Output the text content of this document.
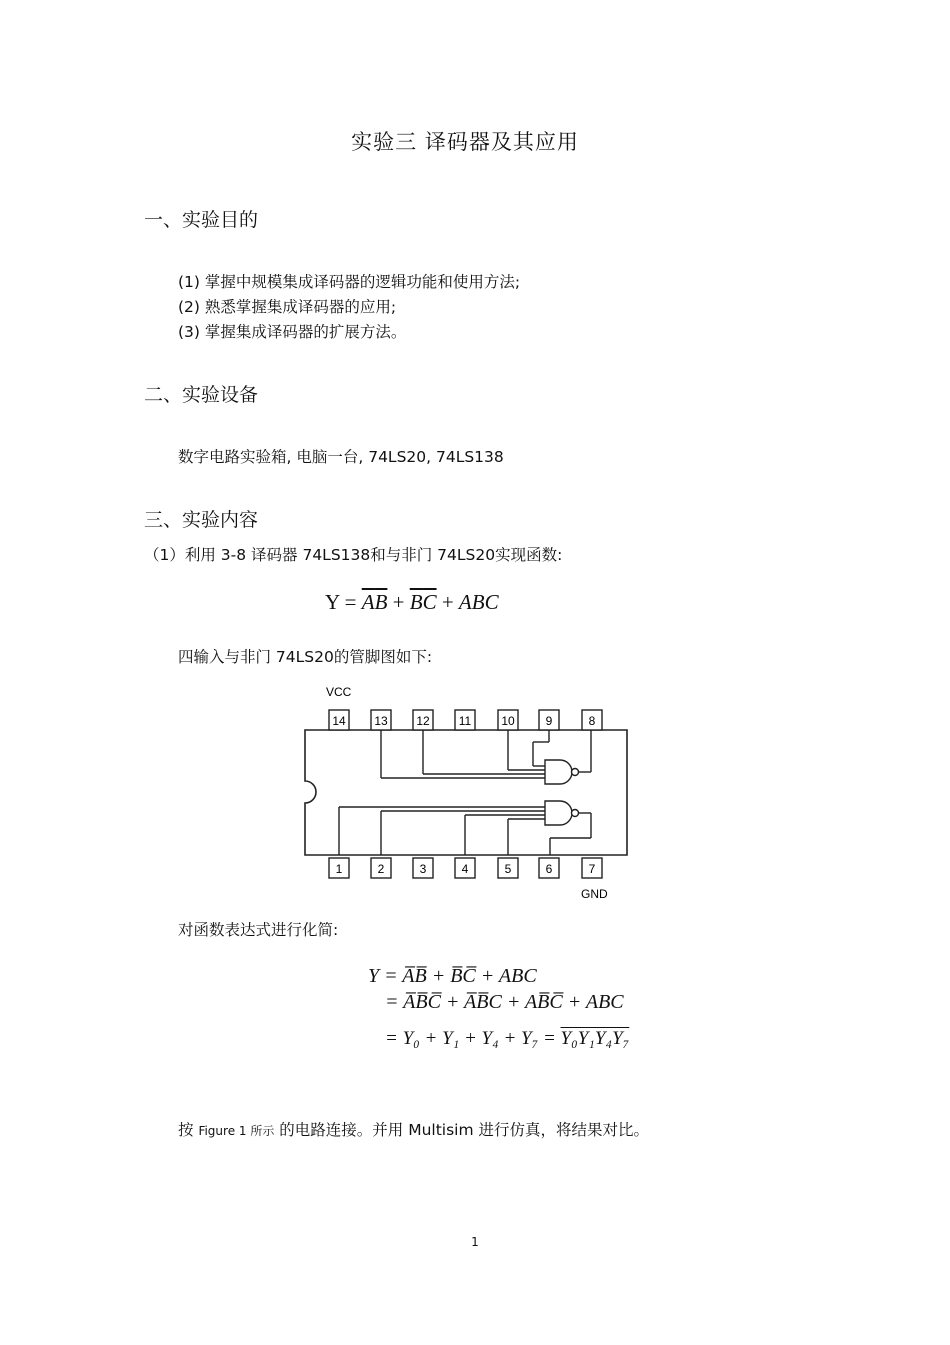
实验三 译码器及其应用
一、实验目的
(1) 掌握中规模集成译码器的逻辑功能和使用方法;
(2) 熟悉掌握集成译码器的应用;
(3) 掌握集成译码器的扩展方法。
二、实验设备
数字电路实验箱, 电脑一台, 74LS20, 74LS138
三、实验内容
（1）利用 3-8 译码器 74LS138和与非门 74LS20实现函数:
$Y = \overline{A}\overline{B} + \overline{B}\overline{C}$ + ABC
四输入与非门 74LS20的管脚图如下:
VCC
14 13 12 11	10	9	8
1	2	3	4	5	6	7
GND
对函数表达式进行化简:
Y = A̅B̅ + B̅C̅ + ABC
= A̅B̅C̅ + A̅B̅C + AB̅C̅ + ABC
= Y₀ + Y₁ + Y₄ + Y₇ = Y₀Y₁Y₄Y₇
按 Figure 1 所示 的电路连接。并用 Multisim 进行仿真，将结果对比。
1
